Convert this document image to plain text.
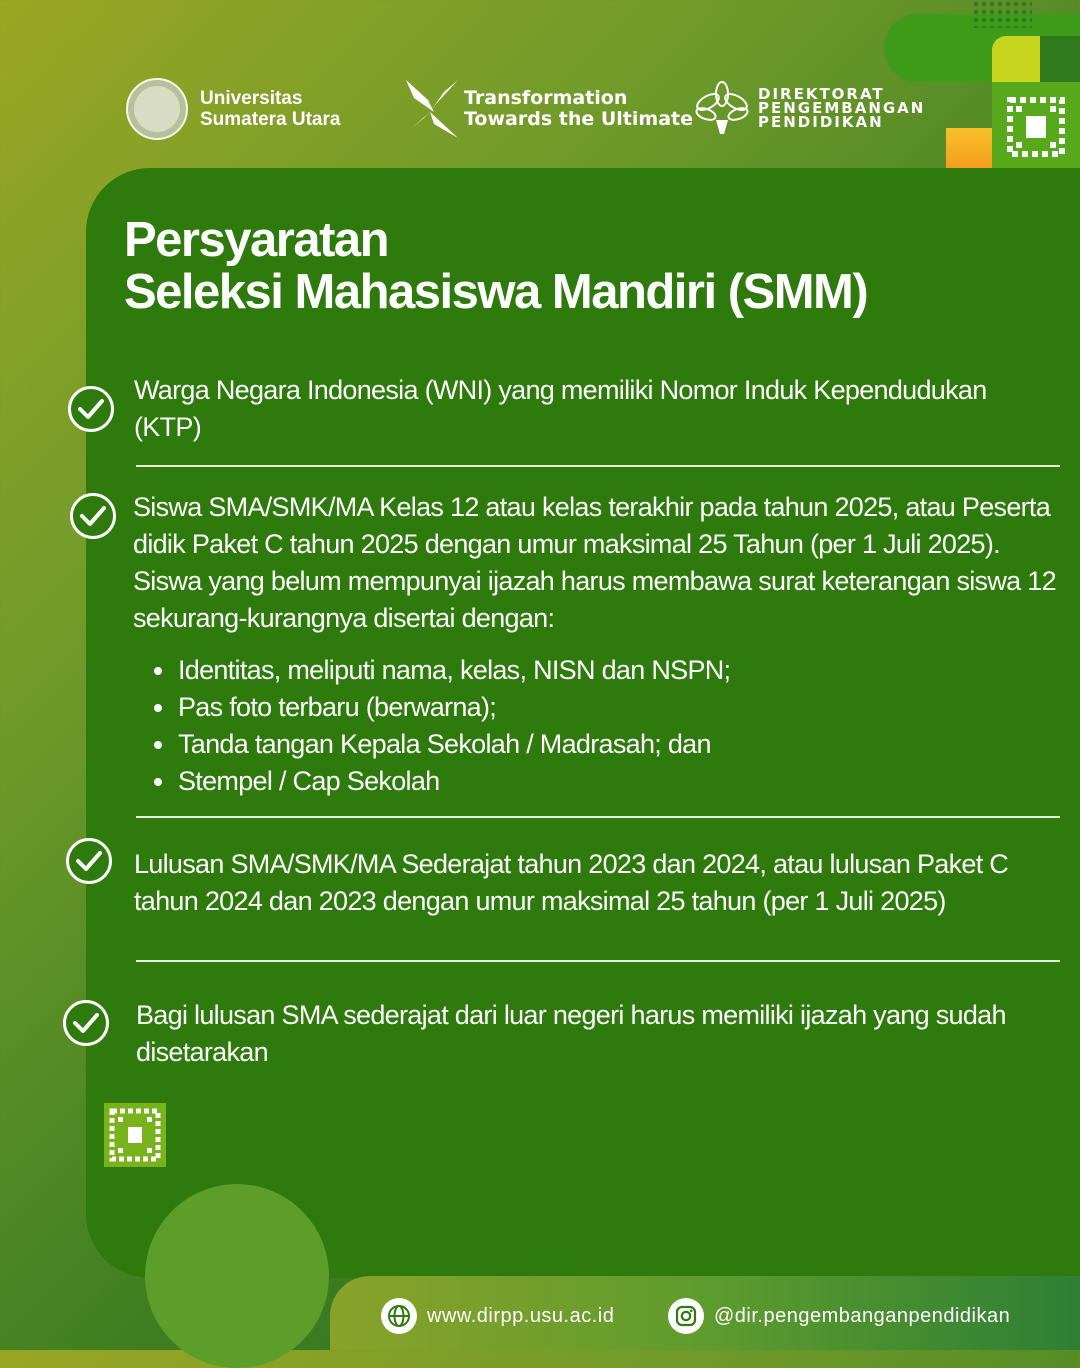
Universitas
Sumatera Utara
Transformation
Towards the Ultimate
DIREKTORAT
PENGEMBANGAN
PENDIDIKAN
Persyaratan
Seleksi Mahasiswa Mandiri (SMM)
Warga Negara Indonesia (WNI) yang memiliki Nomor Induk Kependudukan (KTP)
Siswa SMA/SMK/MA Kelas 12 atau kelas terakhir pada tahun 2025, atau Peserta didik Paket C tahun 2025 dengan umur maksimal 25 Tahun (per 1 Juli 2025). Siswa yang belum mempunyai ijazah harus membawa surat keterangan siswa 12 sekurang-kurangnya disertai dengan:
Identitas, meliputi nama, kelas, NISN dan NSPN;
Pas foto terbaru (berwarna);
Tanda tangan Kepala Sekolah / Madrasah; dan
Stempel / Cap Sekolah
Lulusan SMA/SMK/MA Sederajat tahun 2023 dan 2024, atau lulusan Paket C tahun 2024 dan 2023 dengan umur maksimal 25 tahun (per 1 Juli 2025)
Bagi lulusan SMA sederajat dari luar negeri harus memiliki ijazah yang sudah disetarakan
www.dirpp.usu.ac.id	@dir.pengembanganpendidikan
